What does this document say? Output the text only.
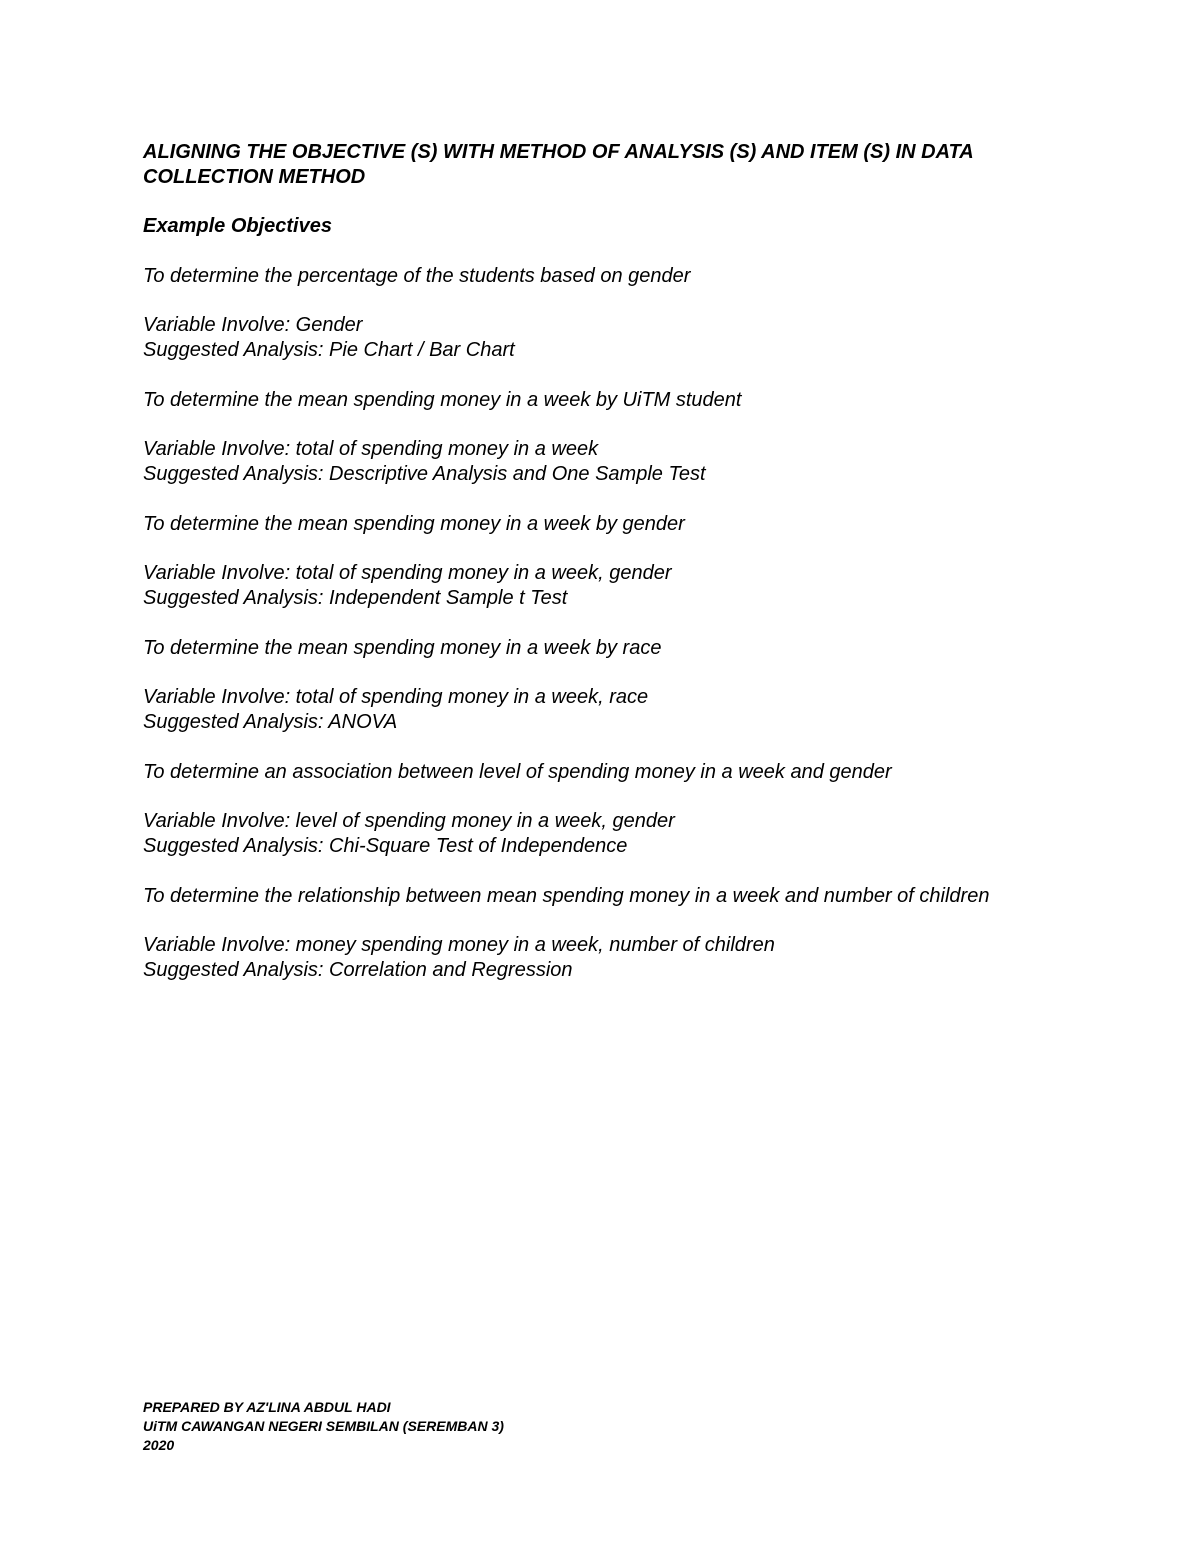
ALIGNING THE OBJECTIVE (S) WITH METHOD OF ANALYSIS (S) AND ITEM (S) IN DATA COLLECTION METHOD
Example Objectives

To determine the percentage of the students based on gender

Variable Involve: Gender
Suggested Analysis: Pie Chart / Bar Chart

To determine the mean spending money in a week by UiTM student

Variable Involve: total of spending money in a week
Suggested Analysis: Descriptive Analysis and One Sample Test

To determine the mean spending money in a week by gender

Variable Involve: total of spending money in a week, gender
Suggested Analysis: Independent Sample t Test

To determine the mean spending money in a week by race

Variable Involve: total of spending money in a week, race
Suggested Analysis: ANOVA

To determine an association between level of spending money in a week and gender

Variable Involve: level of spending money in a week, gender
Suggested Analysis: Chi-Square Test of Independence

To determine the relationship between mean spending money in a week and number of children

Variable Involve: money spending money in a week, number of children
Suggested Analysis: Correlation and Regression
PREPARED BY AZ'LINA ABDUL HADI
UiTM CAWANGAN NEGERI SEMBILAN (SEREMBAN 3)
2020
